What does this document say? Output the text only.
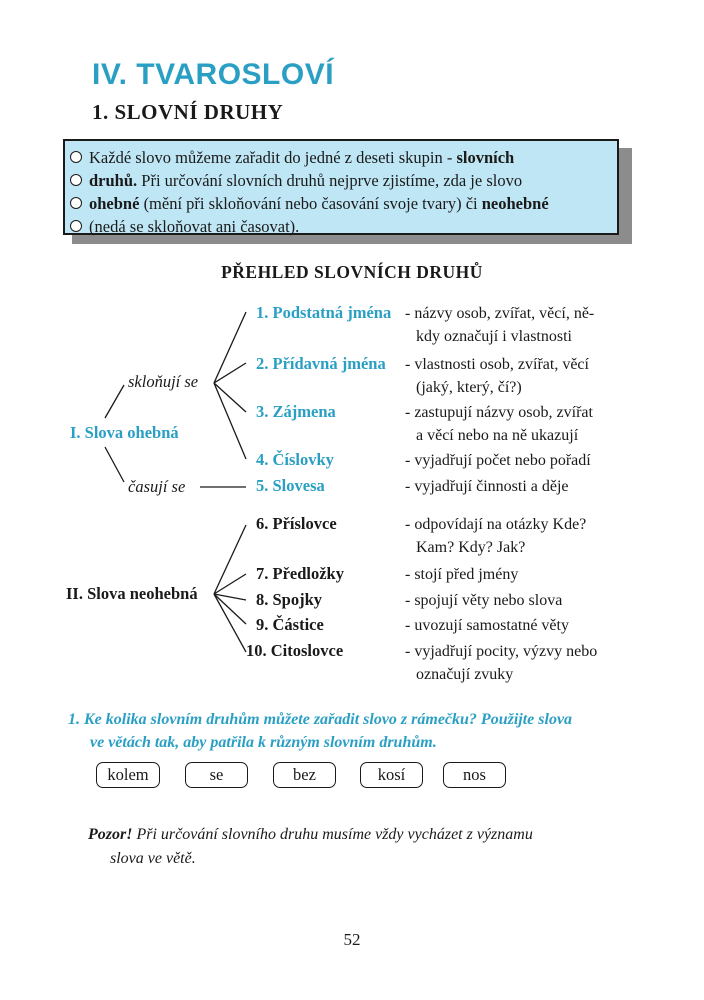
IV. TVAROSLOVÍ
1. SLOVNÍ DRUHY
Každé slovo můžeme zařadit do jedné z deseti skupin - slovních
druhů. Při určování slovních druhů nejprve zjistíme, zda je slovo
ohebné (mění při skloňování nebo časování svoje tvary) či neohebné
(nedá se skloňovat ani časovat).
PŘEHLED SLOVNÍCH DRUHŮ
skloňují se
časují se
I. Slova ohebná
II. Slova neohebná
1. Podstatná jména - názvy osob, zvířat, věcí, ně-
kdy označují i vlastnosti
2. Přídavná jména - vlastnosti osob, zvířat, věcí
(jaký, který, čí?)
3. Zájmena	- zastupují názvy osob, zvířat
a věcí nebo na ně ukazují
4. Číslovky	- vyjadřují počet nebo pořadí
5. Slovesa	- vyjadřují činnosti a děje
6. Příslovce	- odpovídají na otázky Kde?
Kam? Kdy? Jak?
7. Předložky	- stojí před jmény
8. Spojky	- spojují věty nebo slova
9. Částice	- uvozují samostatné věty
10. Citoslovce	- vyjadřují pocity, výzvy nebo
označují zvuky
1. Ke kolika slovním druhům můžete zařadit slovo z rámečku? Použijte slova
ve větách tak, aby patřila k různým slovním druhům.
kolem	se	bez	kosí	nos
Pozor! Při určování slovního druhu musíme vždy vycházet z významu
slova ve větě.
52
